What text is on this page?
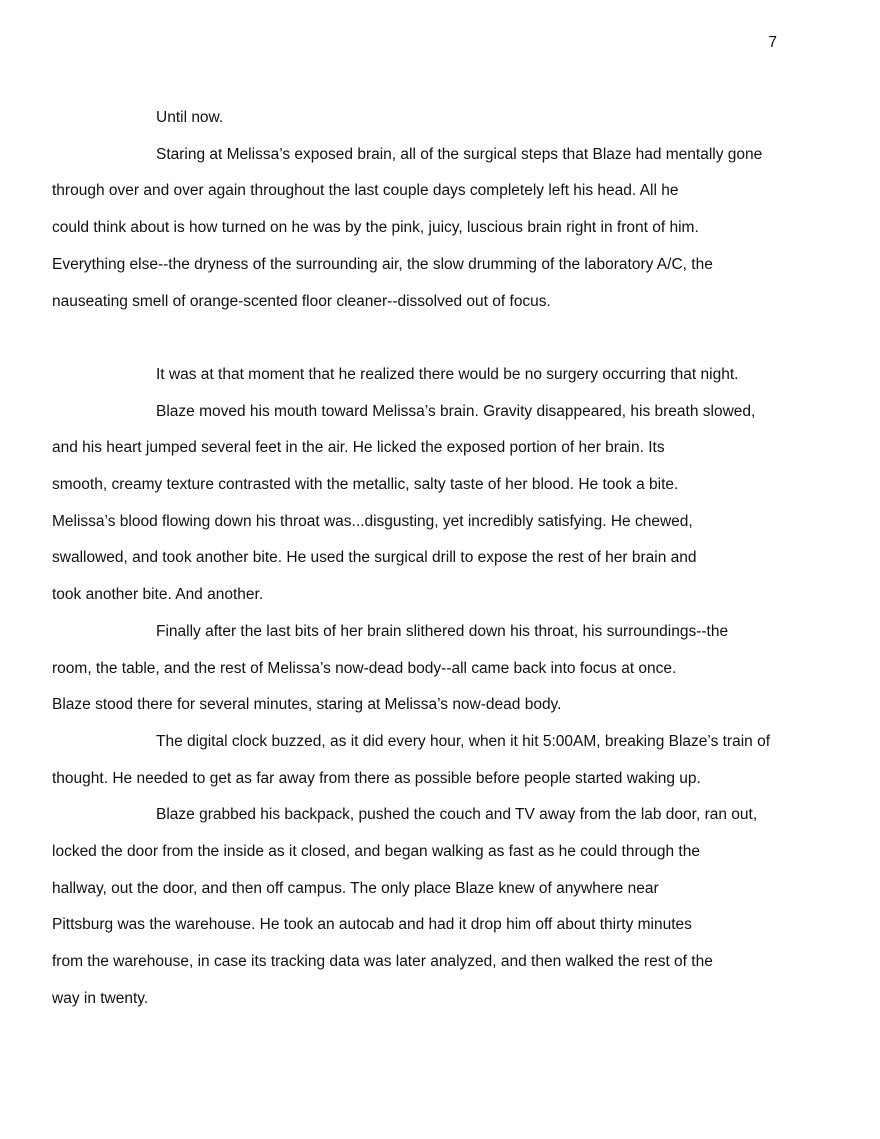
7

Until now.

Staring at Melissa’s exposed brain, all of the surgical steps that Blaze had mentally gone
through over and over again throughout the last couple days completely left his head. All he
could think about is how turned on he was by the pink, juicy, luscious brain right in front of him.
Everything else--the dryness of the surrounding air, the slow drumming of the laboratory A/C, the
nauseating smell of orange-scented floor cleaner--dissolved out of focus.

It was at that moment that he realized there would be no surgery occurring that night.

Blaze moved his mouth toward Melissa’s brain. Gravity disappeared, his breath slowed,
and his heart jumped several feet in the air. He licked the exposed portion of her brain. Its
smooth, creamy texture contrasted with the metallic, salty taste of her blood. He took a bite.
Melissa’s blood flowing down his throat was...disgusting, yet incredibly satisfying. He chewed,
swallowed, and took another bite. He used the surgical drill to expose the rest of her brain and
took another bite. And another.

Finally after the last bits of her brain slithered down his throat, his surroundings--the
room, the table, and the rest of Melissa’s now-dead body--all came back into focus at once.
Blaze stood there for several minutes, staring at Melissa’s now-dead body.

The digital clock buzzed, as it did every hour, when it hit 5:00AM, breaking Blaze’s train of
thought. He needed to get as far away from there as possible before people started waking up.

Blaze grabbed his backpack, pushed the couch and TV away from the lab door, ran out,
locked the door from the inside as it closed, and began walking as fast as he could through the
hallway, out the door, and then off campus. The only place Blaze knew of anywhere near
Pittsburg was the warehouse. He took an autocab and had it drop him off about thirty minutes
from the warehouse, in case its tracking data was later analyzed, and then walked the rest of the
way in twenty.
